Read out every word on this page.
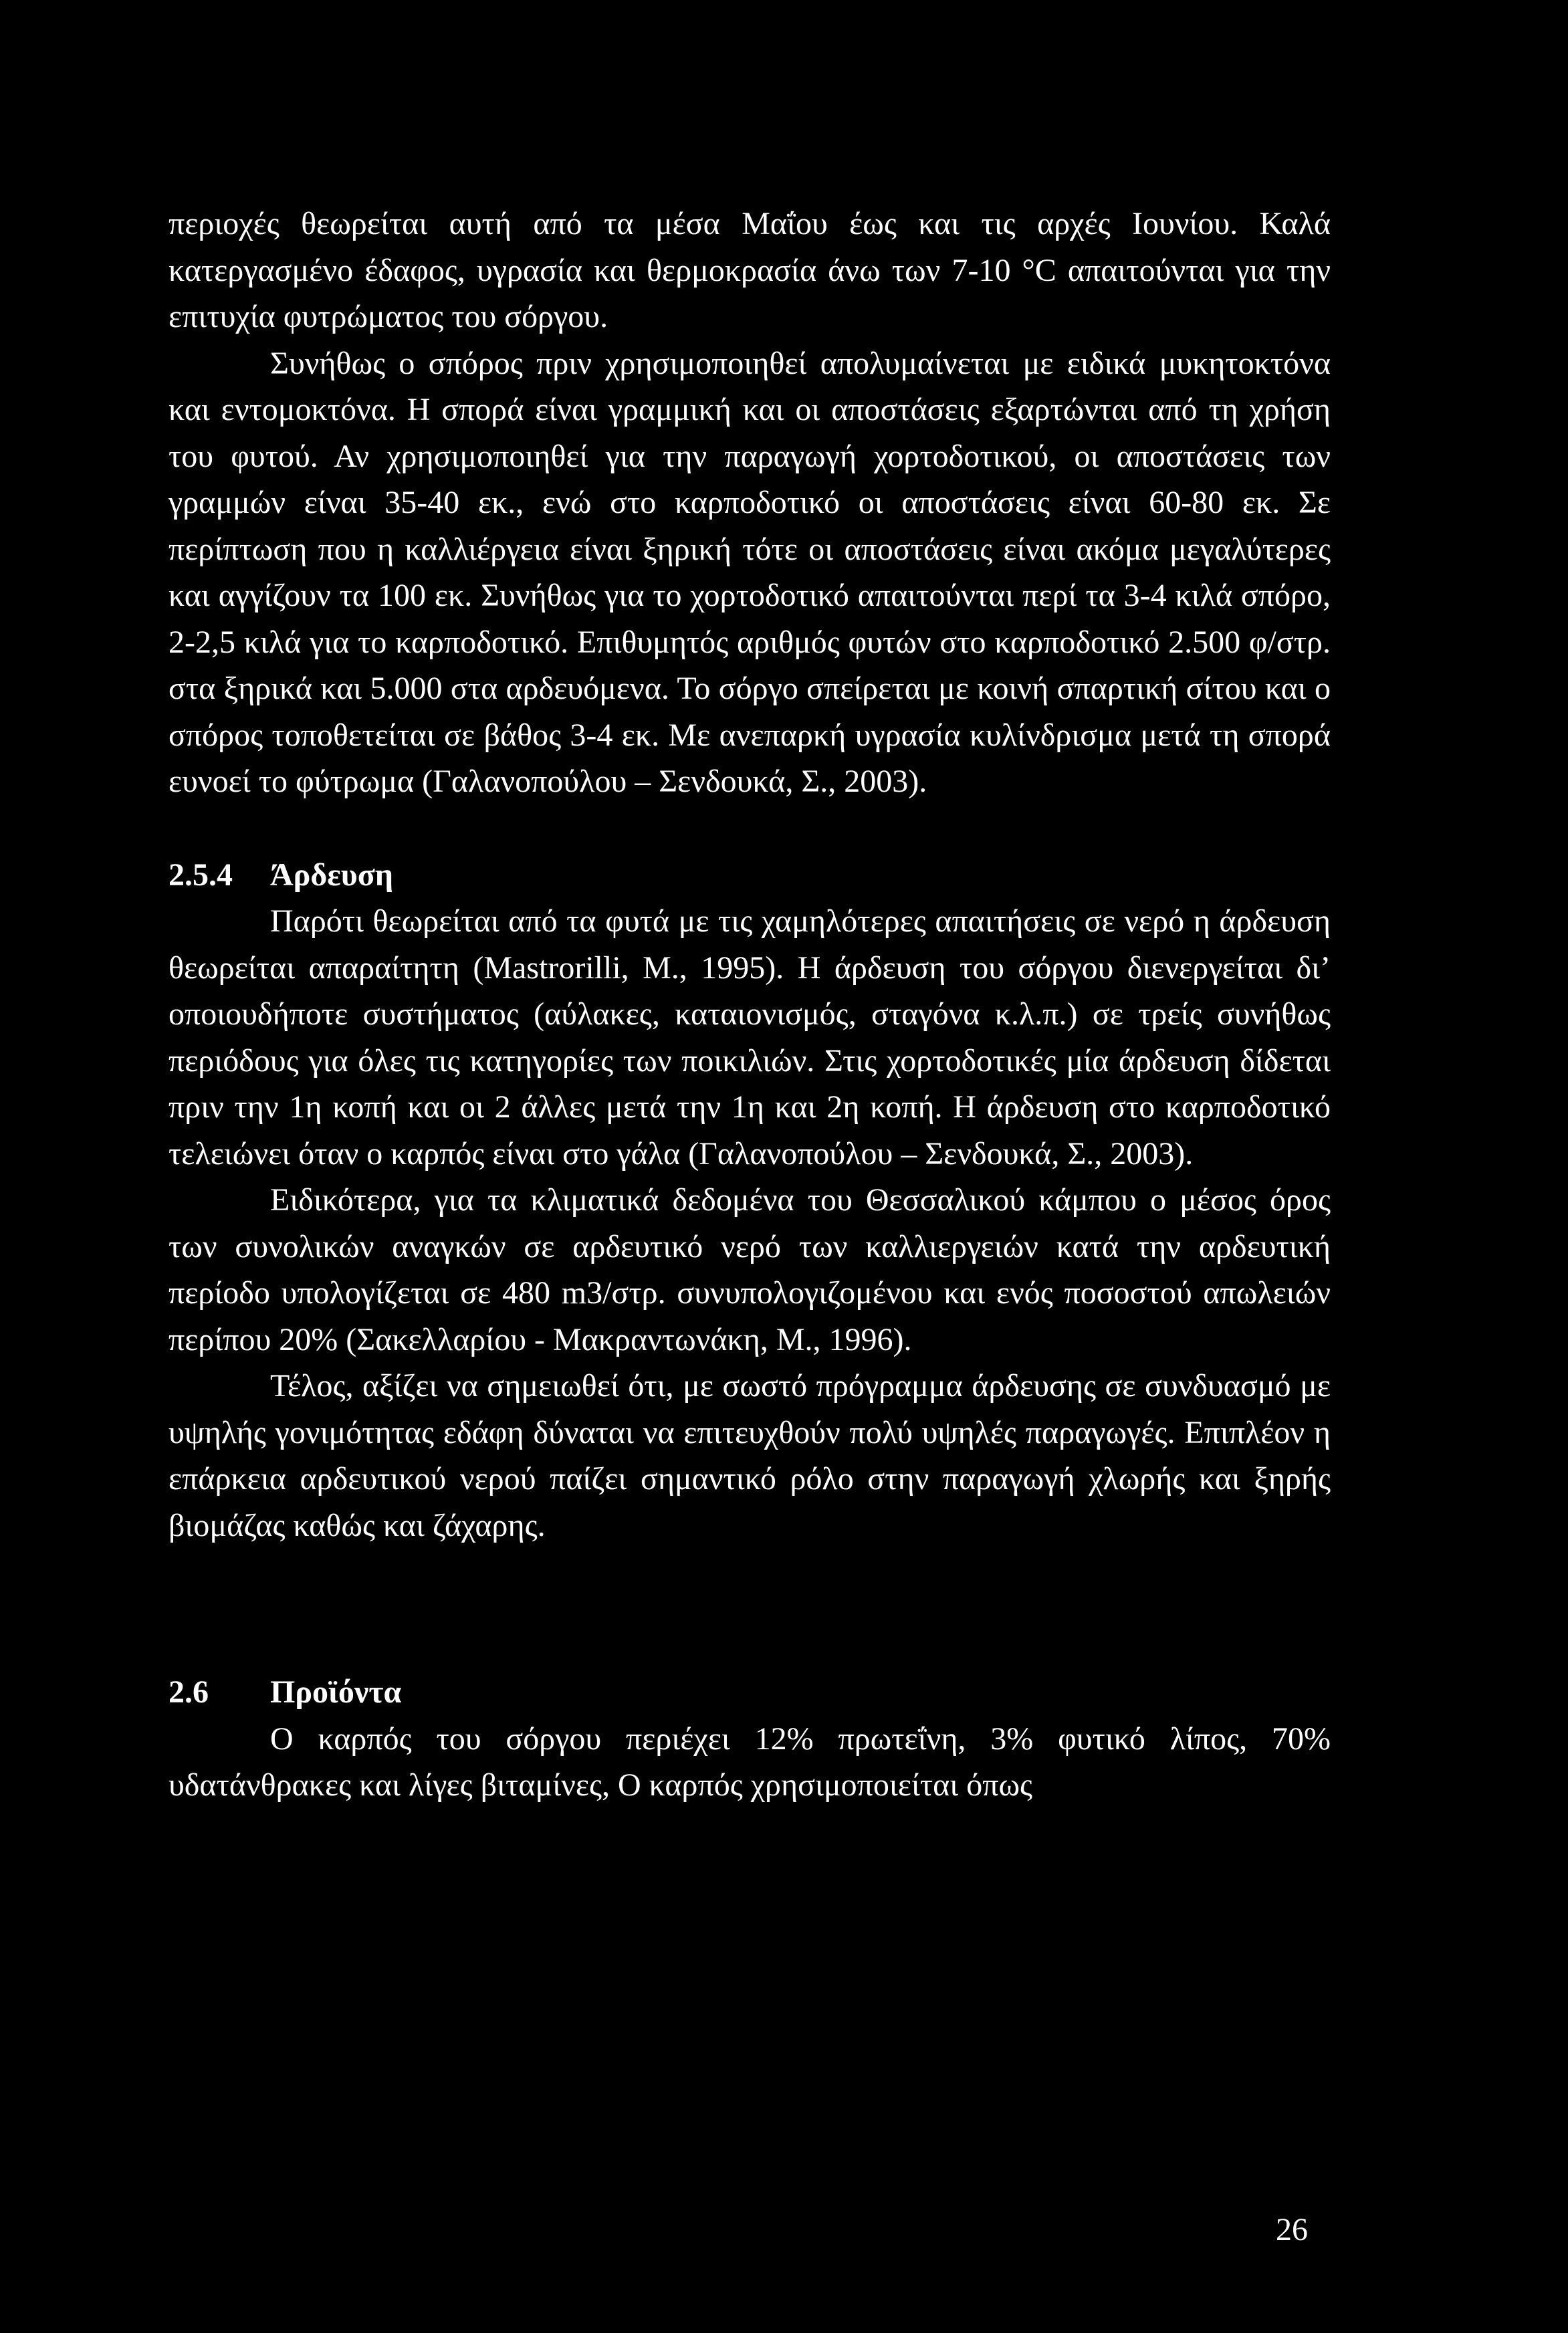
περιοχές θεωρείται αυτή από τα μέσα Μαΐου έως και τις αρχές Ιουνίου. Καλά κατεργασμένο έδαφος, υγρασία και θερμοκρασία άνω των 7-10 °C απαιτούνται για την επιτυχία φυτρώματος του σόργου.

Συνήθως ο σπόρος πριν χρησιμοποιηθεί απολυμαίνεται με ειδικά μυκητοκτόνα και εντομοκτόνα. Η σπορά είναι γραμμική και οι αποστάσεις εξαρτώνται από τη χρήση του φυτού. Αν χρησιμοποιηθεί για την παραγωγή χορτοδοτικού, οι αποστάσεις των γραμμών είναι 35-40 εκ., ενώ στο καρποδοτικό οι αποστάσεις είναι 60-80 εκ. Σε περίπτωση που η καλλιέργεια είναι ξηρική τότε οι αποστάσεις είναι ακόμα μεγαλύτερες και αγγίζουν τα 100 εκ. Συνήθως για το χορτοδοτικό απαιτούνται περί τα 3-4 κιλά σπόρο, 2-2,5 κιλά για το καρποδοτικό. Επιθυμητός αριθμός φυτών στο καρποδοτικό 2.500 φ/στρ. στα ξηρικά και 5.000 στα αρδευόμενα. Το σόργο σπείρεται με κοινή σπαρτική σίτου και ο σπόρος τοποθετείται σε βάθος 3-4 εκ. Με ανεπαρκή υγρασία κυλίνδρισμα μετά τη σπορά ευνοεί το φύτρωμα (Γαλανοπούλου – Σενδουκά, Σ., 2003).

2.5.4	Άρδευση

Παρότι θεωρείται από τα φυτά με τις χαμηλότερες απαιτήσεις σε νερό η άρδευση θεωρείται απαραίτητη (Mastrorilli, M., 1995). Η άρδευση του σόργου διενεργείται δι’ οποιουδήποτε συστήματος (αύλακες, καταιονισμός, σταγόνα κ.λ.π.) σε τρείς συνήθως περιόδους για όλες τις κατηγορίες των ποικιλιών. Στις χορτοδοτικές μία άρδευση δίδεται πριν την 1η κοπή και οι 2 άλλες μετά την 1η και 2η κοπή. Η άρδευση στο καρποδοτικό τελειώνει όταν ο καρπός είναι στο γάλα (Γαλανοπούλου – Σενδουκά, Σ., 2003).

Ειδικότερα, για τα κλιματικά δεδομένα του Θεσσαλικού κάμπου ο μέσος όρος των συνολικών αναγκών σε αρδευτικό νερό των καλλιεργειών κατά την αρδευτική περίοδο υπολογίζεται σε 480 m3/στρ. συνυπολογιζομένου και ενός ποσοστού απωλειών περίπου 20% (Σακελλαρίου - Μακραντωνάκη, Μ., 1996).

Τέλος, αξίζει να σημειωθεί ότι, με σωστό πρόγραμμα άρδευσης σε συνδυασμό με υψηλής γονιμότητας εδάφη δύναται να επιτευχθούν πολύ υψηλές παραγωγές. Επιπλέον η επάρκεια αρδευτικού νερού παίζει σημαντικό ρόλο στην παραγωγή χλωρής και ξηρής βιομάζας καθώς και ζάχαρης.

2.6	Προϊόντα

Ο καρπός του σόργου περιέχει 12% πρωτεΐνη, 3% φυτικό λίπος, 70% υδατάνθρακες και λίγες βιταμίνες, Ο καρπός χρησιμοποιείται όπως

26
